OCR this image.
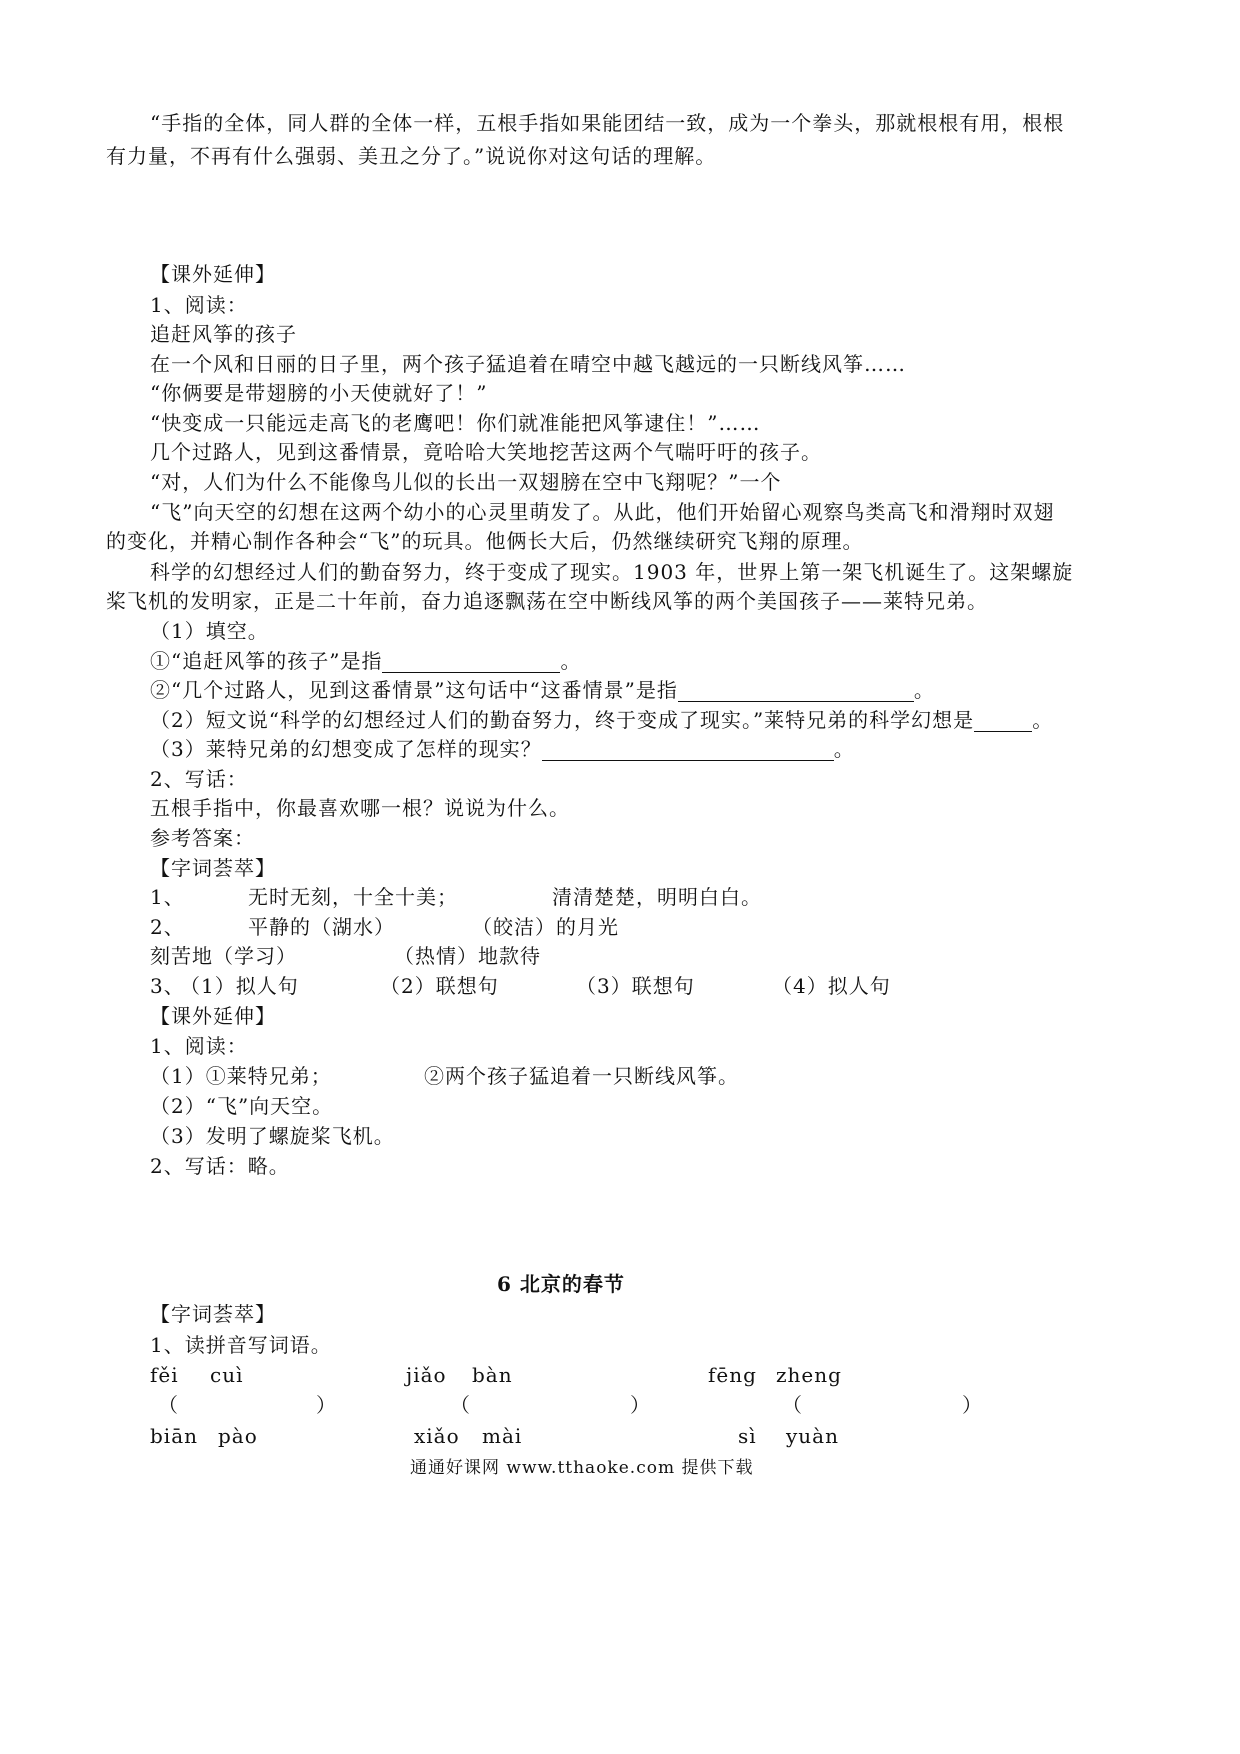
“手指的全体，同人群的全体一样，五根手指如果能团结一致，成为一个拳头，那就根根有用，根根
有力量，不再有什么强弱、美丑之分了。”说说你对这句话的理解。
【课外延伸】
1、阅读：
追赶风筝的孩子
在一个风和日丽的日子里，两个孩子猛追着在晴空中越飞越远的一只断线风筝……
“你俩要是带翅膀的小天使就好了！”
“快变成一只能远走高飞的老鹰吧！你们就准能把风筝逮住！”……
几个过路人，见到这番情景，竟哈哈大笑地挖苦这两个气喘吁吁的孩子。
“对，人们为什么不能像鸟儿似的长出一双翅膀在空中飞翔呢？”一个
“飞”向天空的幻想在这两个幼小的心灵里萌发了。从此，他们开始留心观察鸟类高飞和滑翔时双翅
的变化，并精心制作各种会“飞”的玩具。他俩长大后，仍然继续研究飞翔的原理。
科学的幻想经过人们的勤奋努力，终于变成了现实。1903 年，世界上第一架飞机诞生了。这架螺旋
桨飞机的发明家，正是二十年前，奋力追逐飘荡在空中断线风筝的两个美国孩子——莱特兄弟。
（1）填空。
①“追赶风筝的孩子”是指	。
②“几个过路人，见到这番情景”这句话中“这番情景”是指	。
（2）短文说“科学的幻想经过人们的勤奋努力，终于变成了现实。”莱特兄弟的科学幻想是	。
（3）莱特兄弟的幻想变成了怎样的现实？	。
2、写话：
五根手指中，你最喜欢哪一根？说说为什么。
参考答案：
【字词荟萃】
1、	无时无刻，十全十美；	清清楚楚，明明白白。
2、	平静的（湖水）	（皎洁）的月光
刻苦地（学习）	（热情）地款待
3、
（1）拟人句	（2）联想句	（3）联想句	（4）拟人句
【课外延伸】
1、阅读：
（1）①莱特兄弟；	②两个孩子猛追着一只断线风筝。
（2）“飞”向天空。
（3）发明了螺旋桨飞机。
2、写话：略。
6 北京的春节
【字词荟萃】
1、读拼音写词语。
fěi cuì	jiǎo bàn	fēng zheng
（	）	（	）	（	）
biān pào	xiǎo mài	sì yuàn
通通好课网 www.tthaoke.com 提供下载
